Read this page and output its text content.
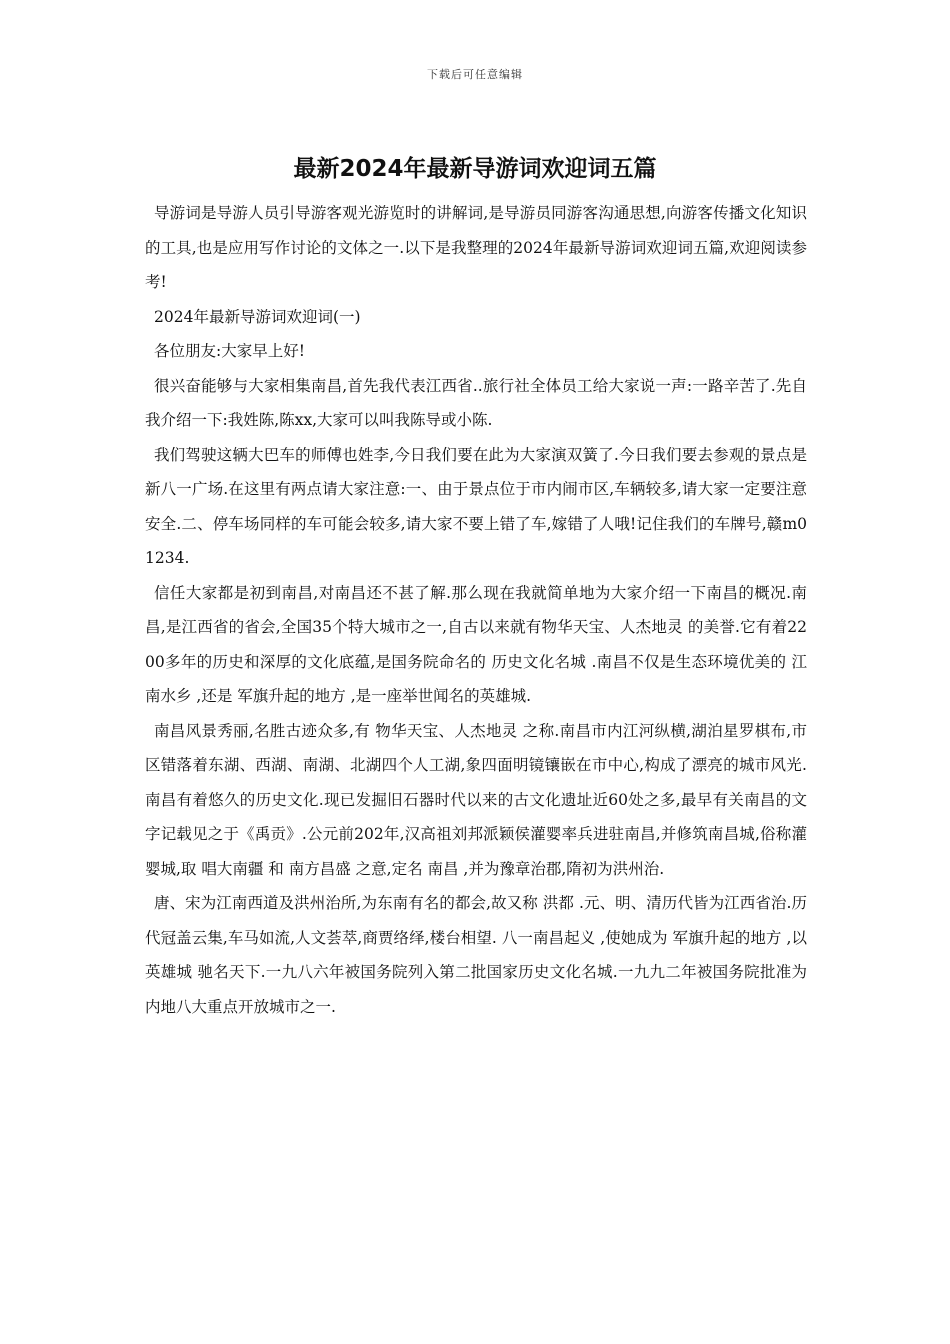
下载后可任意编辑
最新2024年最新导游词欢迎词五篇

导游词是导游人员引导游客观光游览时的讲解词,是导游员同游客沟通思想,向游客传播文化知识的工具,也是应用写作讨论的文体之一.以下是我整理的2024年最新导游词欢迎词五篇,欢迎阅读参考!

2024年最新导游词欢迎词(一)

各位朋友:大家早上好!

很兴奋能够与大家相集南昌,首先我代表江西省..旅行社全体员工给大家说一声:一路辛苦了.先自我介绍一下:我姓陈,陈xx,大家可以叫我陈导或小陈.

我们驾驶这辆大巴车的师傅也姓李,今日我们要在此为大家演双簧了.今日我们要去参观的景点是新八一广场.在这里有两点请大家注意:一、由于景点位于市内闹市区,车辆较多,请大家一定要注意安全.二、停车场同样的车可能会较多,请大家不要上错了车,嫁错了人哦!记住我们的车牌号,赣m01234.

信任大家都是初到南昌,对南昌还不甚了解.那么现在我就简单地为大家介绍一下南昌的概况.南昌,是江西省的省会,全国35个特大城市之一,自古以来就有物华天宝、人杰地灵 的美誉.它有着2200多年的历史和深厚的文化底蕴,是国务院命名的 历史文化名城 .南昌不仅是生态环境优美的 江南水乡 ,还是 军旗升起的地方 ,是一座举世闻名的英雄城.

南昌风景秀丽,名胜古迹众多,有 物华天宝、人杰地灵 之称.南昌市内江河纵横,湖泊星罗棋布,市区错落着东湖、西湖、南湖、北湖四个人工湖,象四面明镜镶嵌在市中心,构成了漂亮的城市风光.南昌有着悠久的历史文化.现已发掘旧石器时代以来的古文化遗址近60处之多,最早有关南昌的文字记载见之于《禹贡》.公元前202年,汉高祖刘邦派颖侯灌婴率兵进驻南昌,并修筑南昌城,俗称灌婴城,取 唱大南疆 和 南方昌盛 之意,定名 南昌 ,并为豫章治郡,隋初为洪州治.

唐、宋为江南西道及洪州治所,为东南有名的都会,故又称 洪都 .元、明、清历代皆为江西省治.历代冠盖云集,车马如流,人文荟萃,商贾络绎,楼台相望. 八一南昌起义 ,使她成为 军旗升起的地方 ,以 英雄城 驰名天下.一九八六年被国务院列入第二批国家历史文化名城.一九九二年被国务院批准为内地八大重点开放城市之一.
